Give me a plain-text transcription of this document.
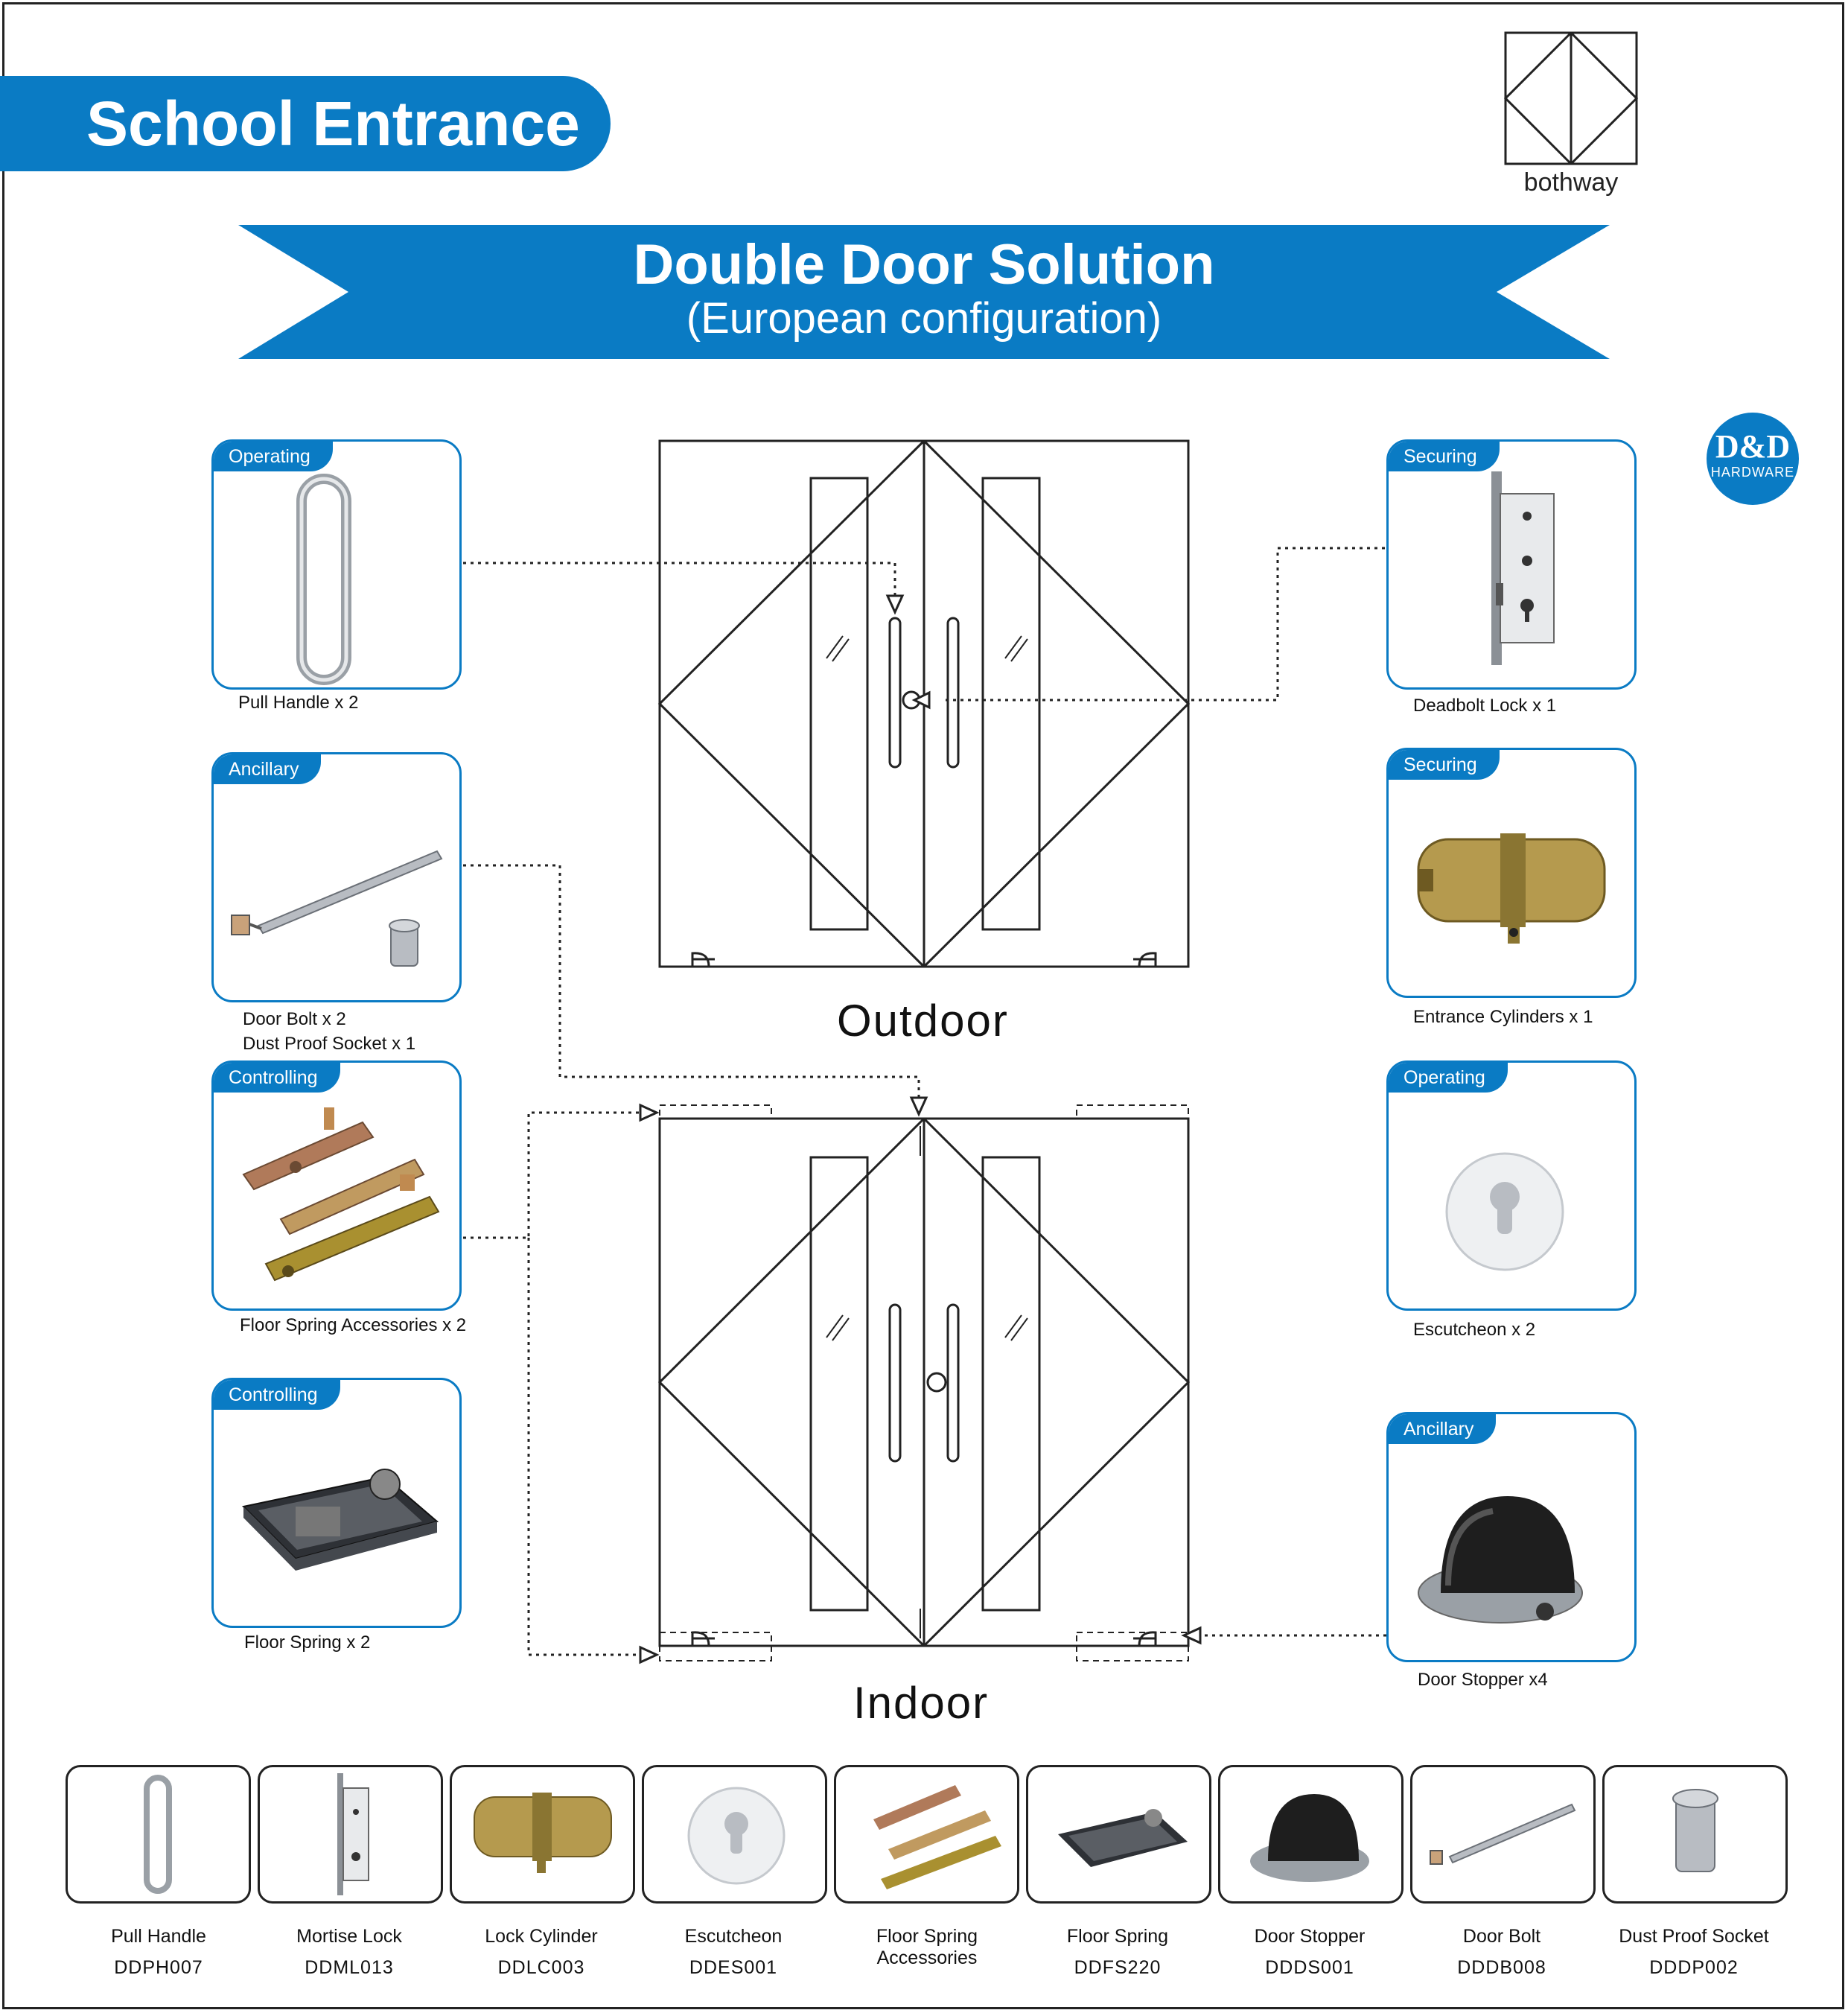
School Entrance
bothway
Double Door Solution
(European configuration)
D&D
HARDWARE
Outdoor
Indoor
Operating
Pull Handle x 2
Ancillary
Door Bolt x 2
Dust Proof Socket x 1
Controlling
Floor Spring Accessories x 2
Controlling
Floor Spring x 2
Securing
Deadbolt Lock x 1
Securing
Entrance Cylinders x 1
Operating
Escutcheon x 2
Ancillary
Door Stopper x4
Pull Handle
DDPH007
Mortise Lock
DDML013
Lock Cylinder
DDLC003
Escutcheon
DDES001
Floor Spring Accessories
Floor Spring
DDFS220
Door Stopper
DDDS001
Door Bolt
DDDB008
Dust Proof Socket
DDDP002
